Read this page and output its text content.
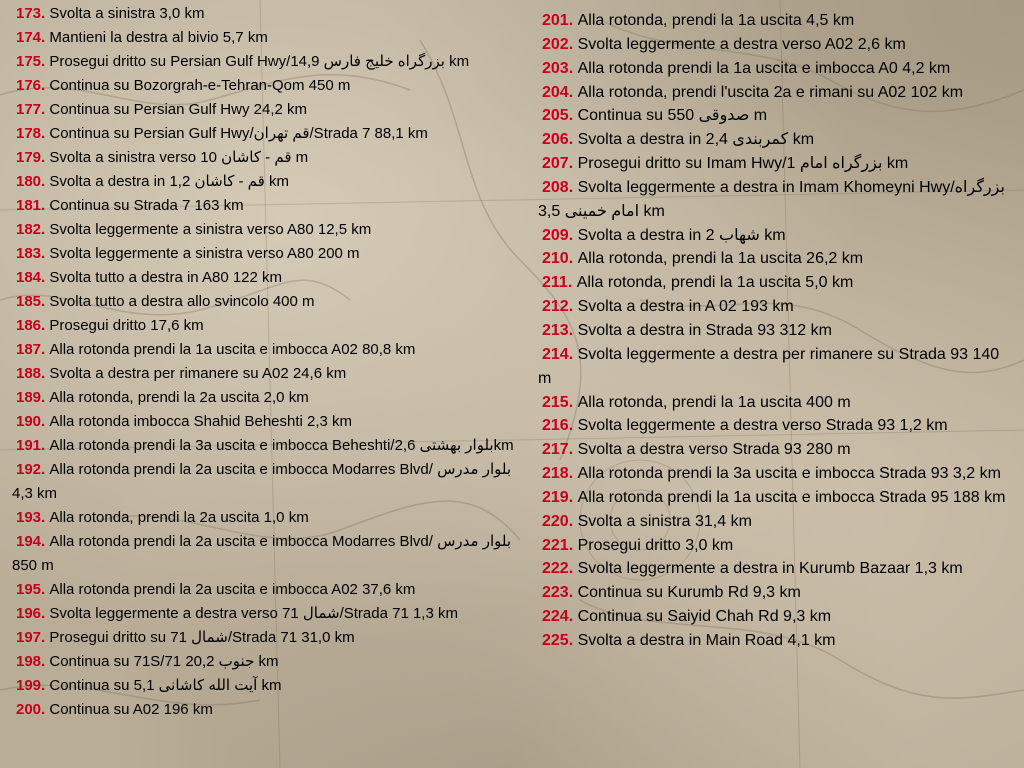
173. Svolta a sinistra 3,0 km

174. Mantieni la destra al bivio 5,7 km

175. Prosegui dritto su Persian Gulf Hwy/بزرگراه خلیج فارس 14,9 km

176. Continua su Bozorgrah-e-Tehran-Qom 450 m

177. Continua su Persian Gulf Hwy 24,2 km

178. Continua su Persian Gulf Hwy/قم تهران/Strada 7 88,1 km

179. Svolta a sinistra verso قم - کاشان 10 m

180. Svolta a destra in قم - کاشان 1,2 km

181. Continua su Strada 7 163 km

182. Svolta leggermente a sinistra verso A80 12,5 km

183. Svolta leggermente a sinistra verso A80 200 m

184. Svolta tutto a destra in A80 122 km

185. Svolta tutto a destra allo svincolo 400 m

186. Prosegui dritto 17,6 km

187. Alla rotonda prendi la 1a uscita e imbocca A02 80,8 km

188. Svolta a destra per rimanere su A02 24,6 km

189. Alla rotonda, prendi la 2a uscita 2,0 km

190. Alla rotonda imbocca Shahid Beheshti 2,3 km

191. Alla rotonda prendi la 3a uscita e imbocca Beheshti/بلوار بهشتی 2,6km

192. Alla rotonda prendi la 2a uscita e imbocca Modarres Blvd/ بلوار مدرس 4,3 km

193. Alla rotonda, prendi la 2a uscita 1,0 km

194. Alla rotonda prendi la 2a uscita e imbocca Modarres Blvd/ بلوار مدرس 850 m

195. Alla rotonda prendi la 2a uscita e imbocca A02 37,6 km

196. Svolta leggermente a destra verso 71 شمال/Strada 71 1,3 km

197. Prosegui dritto su 71 شمال/Strada 71 31,0 km

198. Continua su 71S/71 جنوب 20,2 km

199. Continua su آیت الله کاشانی 5,1 km

200. Continua su A02 196 km

201. Alla rotonda, prendi la 1a uscita 4,5 km

202. Svolta leggermente a destra verso A02 2,6 km

203. Alla rotonda prendi la 1a uscita e imbocca A0 4,2 km

204. Alla rotonda, prendi l'uscita 2a e rimani su A02 102 km

205. Continua su صدوقی 550 m

206. Svolta a destra in کمربندی 2,4 km

207. Prosegui dritto su Imam Hwy/بزرگراه امام 1 km

208. Svolta leggermente a destra in Imam Khomeyni Hwy/بزرگراه امام خمینی 3,5 km

209. Svolta a destra in شهاب 2 km

210. Alla rotonda, prendi la 1a uscita 26,2 km

211. Alla rotonda, prendi la 1a uscita 5,0 km

212. Svolta a destra in A 02 193 km

213. Svolta a destra in Strada 93 312 km

214. Svolta leggermente a destra per rimanere su Strada 93 140 m

215. Alla rotonda, prendi la 1a uscita 400 m

216. Svolta leggermente a destra verso Strada 93 1,2 km

217. Svolta a destra verso Strada 93 280 m

218. Alla rotonda prendi la 3a uscita e imbocca Strada 93 3,2 km

219. Alla rotonda prendi la 1a uscita e imbocca Strada 95 188 km

220. Svolta a sinistra 31,4 km

221. Prosegui dritto 3,0 km

222. Svolta leggermente a destra in Kurumb Bazaar 1,3 km

223. Continua su Kurumb Rd 9,3 km

224. Continua su Saiyid Chah Rd 9,3 km

225. Svolta a destra in Main Road 4,1 km
